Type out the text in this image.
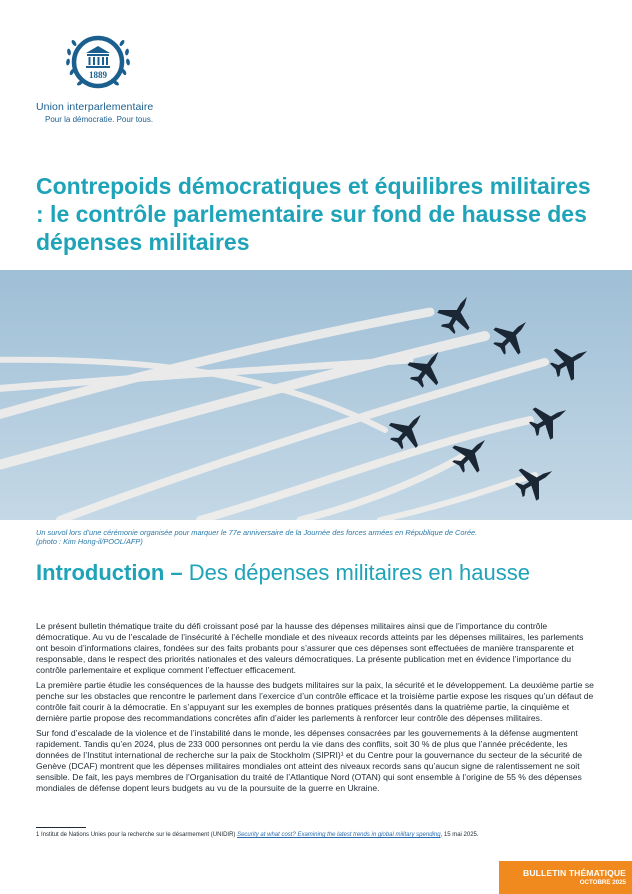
1889
Union interparlementaire
Pour la démocratie. Pour tous.
Contrepoids démocratiques et équilibres militaires : le contrôle parlementaire sur fond de hausse des dépenses militaires
Un survol lors d’une cérémonie organisée pour marquer le 77e anniversaire de la Journée des forces armées en République de Corée.
(photo : Kim Hong-il/POOL/AFP)
Introduction – Des dépenses militaires en hausse

Le présent bulletin thématique traite du défi croissant posé par la hausse des dépenses militaires ainsi que de l’importance du contrôle démocratique. Au vu de l’escalade de l’insécurité à l’échelle mondiale et des niveaux records atteints par les dépenses militaires, les parlements ont besoin d’informations claires, fondées sur des faits probants pour s’assurer que ces dépenses sont effectuées de manière transparente et responsable, dans le respect des priorités nationales et des valeurs démocratiques. La présente publication met en évidence l’importance du contrôle parlementaire et explique comment l’effectuer efficacement.

La première partie étudie les conséquences de la hausse des budgets militaires sur la paix, la sécurité et le développement. La deuxième partie se penche sur les obstacles que rencontre le parlement dans l’exercice d’un contrôle efficace et la troisième partie expose les risques qu’un défaut de contrôle fait courir à la démocratie. En s’appuyant sur les exemples de bonnes pratiques présentés dans la quatrième partie, la cinquième et dernière partie propose des recommandations concrètes afin d’aider les parlements à renforcer leur contrôle des dépenses militaires.

Sur fond d’escalade de la violence et de l’instabilité dans le monde, les dépenses consacrées par les gouvernements à la défense augmentent rapidement. Tandis qu’en 2024, plus de 233 000 personnes ont perdu la vie dans des conflits, soit 30 % de plus que l’année précédente, les données de l’Institut international de recherche sur la paix de Stockholm (SIPRI)¹ et du Centre pour la gouvernance du secteur de la sécurité de Genève (DCAF) montrent que les dépenses militaires mondiales ont atteint des niveaux records sans qu’aucun signe de ralentissement ne soit sensible. De fait, les pays membres de l’Organisation du traité de l’Atlantique Nord (OTAN) qui sont ensemble à l’origine de 55 % des dépenses mondiales de défense dopent leurs budgets au vu de la poursuite de la guerre en Ukraine.

1 Institut de Nations Unies pour la recherche sur le désarmement (UNIDIR) Security at what cost? Examining the latest trends in global military spending, 15 mai 2025.
BULLETIN THÉMATIQUE
OCTOBRE 2025
